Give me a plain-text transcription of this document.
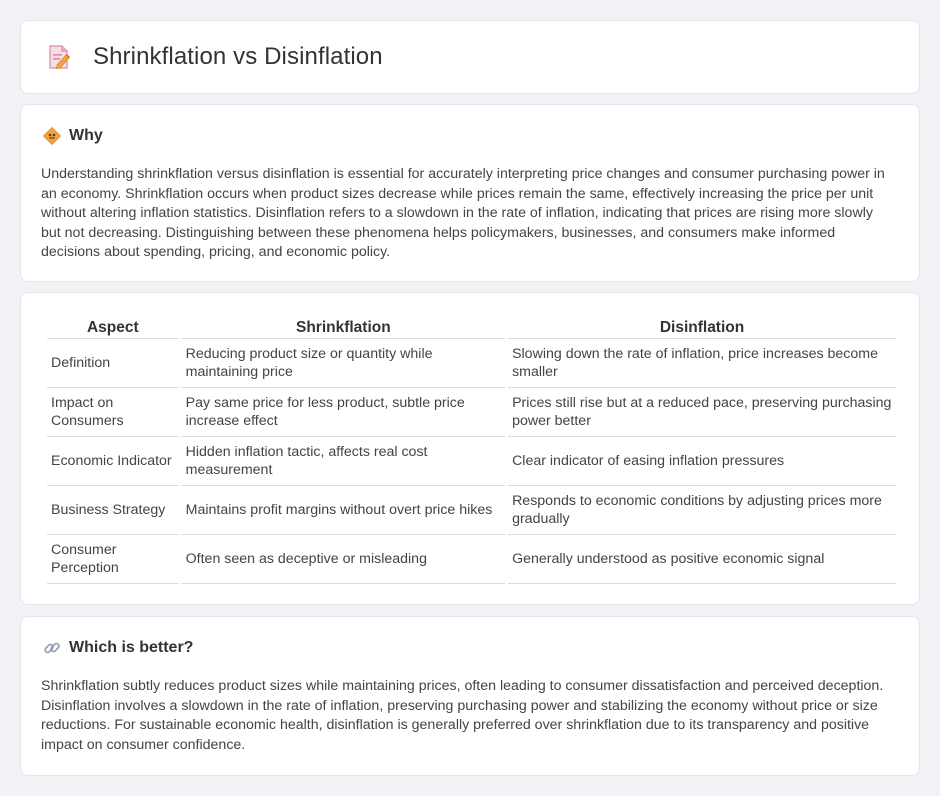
Shrinkflation vs Disinflation
Why

Understanding shrinkflation versus disinflation is essential for accurately interpreting price changes and consumer purchasing power in an economy. Shrinkflation occurs when product sizes decrease while prices remain the same, effectively increasing the price per unit without altering inflation statistics. Disinflation refers to a slowdown in the rate of inflation, indicating that prices are rising more slowly but not decreasing. Distinguishing between these phenomena helps policymakers, businesses, and consumers make informed decisions about spending, pricing, and economic policy.

Aspect	Shrinkflation	Disinflation
Definition	Reducing product size or quantity while maintaining price	Slowing down the rate of inflation, price increases become smaller
Impact on Consumers	Pay same price for less product, subtle price increase effect	Prices still rise but at a reduced pace, preserving purchasing power better
Economic Indicator	Hidden inflation tactic, affects real cost measurement	Clear indicator of easing inflation pressures
Business Strategy	Maintains profit margins without overt price hikes	Responds to economic conditions by adjusting prices more gradually
Consumer Perception	Often seen as deceptive or misleading	Generally understood as positive economic signal
Which is better?

Shrinkflation subtly reduces product sizes while maintaining prices, often leading to consumer dissatisfaction and perceived deception. Disinflation involves a slowdown in the rate of inflation, preserving purchasing power and stabilizing the economy without price or size reductions. For sustainable economic health, disinflation is generally preferred over shrinkflation due to its transparency and positive impact on consumer confidence.
